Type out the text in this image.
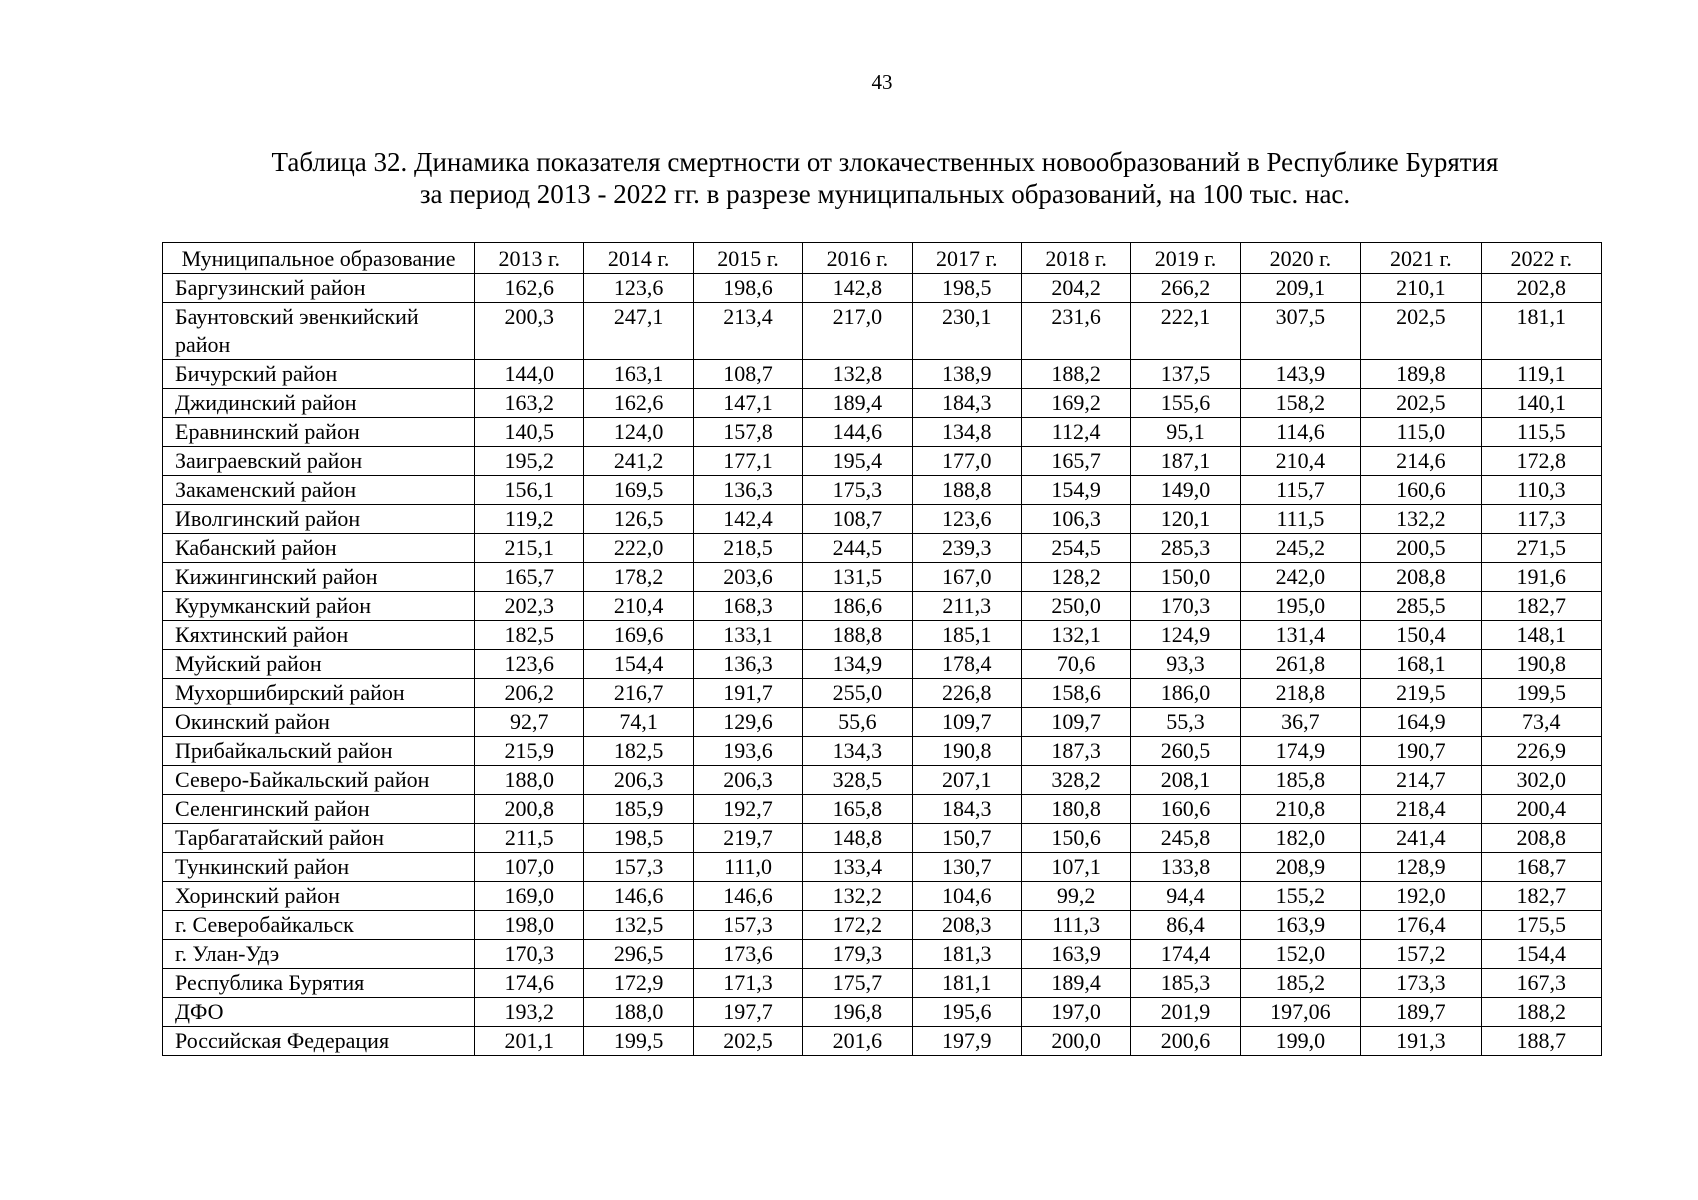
43
Таблица 32. Динамика показателя смертности от злокачественных новообразований в Республике Бурятия
за период 2013 - 2022 гг. в разрезе муниципальных образований, на 100 тыс. нас.
Муниципальное образование	2013 г.	2014 г.	2015 г.	2016 г.	2017 г.	2018 г.	2019 г.	2020 г.	2021 г.	2022 г.
Баргузинский район	162,6	123,6	198,6	142,8	198,5	204,2	266,2	209,1	210,1	202,8
Баунтовский эвенкийский район	200,3	247,1	213,4	217,0	230,1	231,6	222,1	307,5	202,5	181,1
Бичурский район	144,0	163,1	108,7	132,8	138,9	188,2	137,5	143,9	189,8	119,1
Джидинский район	163,2	162,6	147,1	189,4	184,3	169,2	155,6	158,2	202,5	140,1
Еравнинский район	140,5	124,0	157,8	144,6	134,8	112,4	95,1	114,6	115,0	115,5
Заиграевский район	195,2	241,2	177,1	195,4	177,0	165,7	187,1	210,4	214,6	172,8
Закаменский район	156,1	169,5	136,3	175,3	188,8	154,9	149,0	115,7	160,6	110,3
Иволгинский район	119,2	126,5	142,4	108,7	123,6	106,3	120,1	111,5	132,2	117,3
Кабанский район	215,1	222,0	218,5	244,5	239,3	254,5	285,3	245,2	200,5	271,5
Кижингинский район	165,7	178,2	203,6	131,5	167,0	128,2	150,0	242,0	208,8	191,6
Курумканский район	202,3	210,4	168,3	186,6	211,3	250,0	170,3	195,0	285,5	182,7
Кяхтинский район	182,5	169,6	133,1	188,8	185,1	132,1	124,9	131,4	150,4	148,1
Муйский район	123,6	154,4	136,3	134,9	178,4	70,6	93,3	261,8	168,1	190,8
Мухоршибирский район	206,2	216,7	191,7	255,0	226,8	158,6	186,0	218,8	219,5	199,5
Окинский район	92,7	74,1	129,6	55,6	109,7	109,7	55,3	36,7	164,9	73,4
Прибайкальский район	215,9	182,5	193,6	134,3	190,8	187,3	260,5	174,9	190,7	226,9
Северо-Байкальский район	188,0	206,3	206,3	328,5	207,1	328,2	208,1	185,8	214,7	302,0
Селенгинский район	200,8	185,9	192,7	165,8	184,3	180,8	160,6	210,8	218,4	200,4
Тарбагатайский район	211,5	198,5	219,7	148,8	150,7	150,6	245,8	182,0	241,4	208,8
Тункинский район	107,0	157,3	111,0	133,4	130,7	107,1	133,8	208,9	128,9	168,7
Хоринский район	169,0	146,6	146,6	132,2	104,6	99,2	94,4	155,2	192,0	182,7
г. Северобайкальск	198,0	132,5	157,3	172,2	208,3	111,3	86,4	163,9	176,4	175,5
г. Улан-Удэ	170,3	296,5	173,6	179,3	181,3	163,9	174,4	152,0	157,2	154,4
Республика Бурятия	174,6	172,9	171,3	175,7	181,1	189,4	185,3	185,2	173,3	167,3
ДФО	193,2	188,0	197,7	196,8	195,6	197,0	201,9	197,06	189,7	188,2
Российская Федерация	201,1	199,5	202,5	201,6	197,9	200,0	200,6	199,0	191,3	188,7
